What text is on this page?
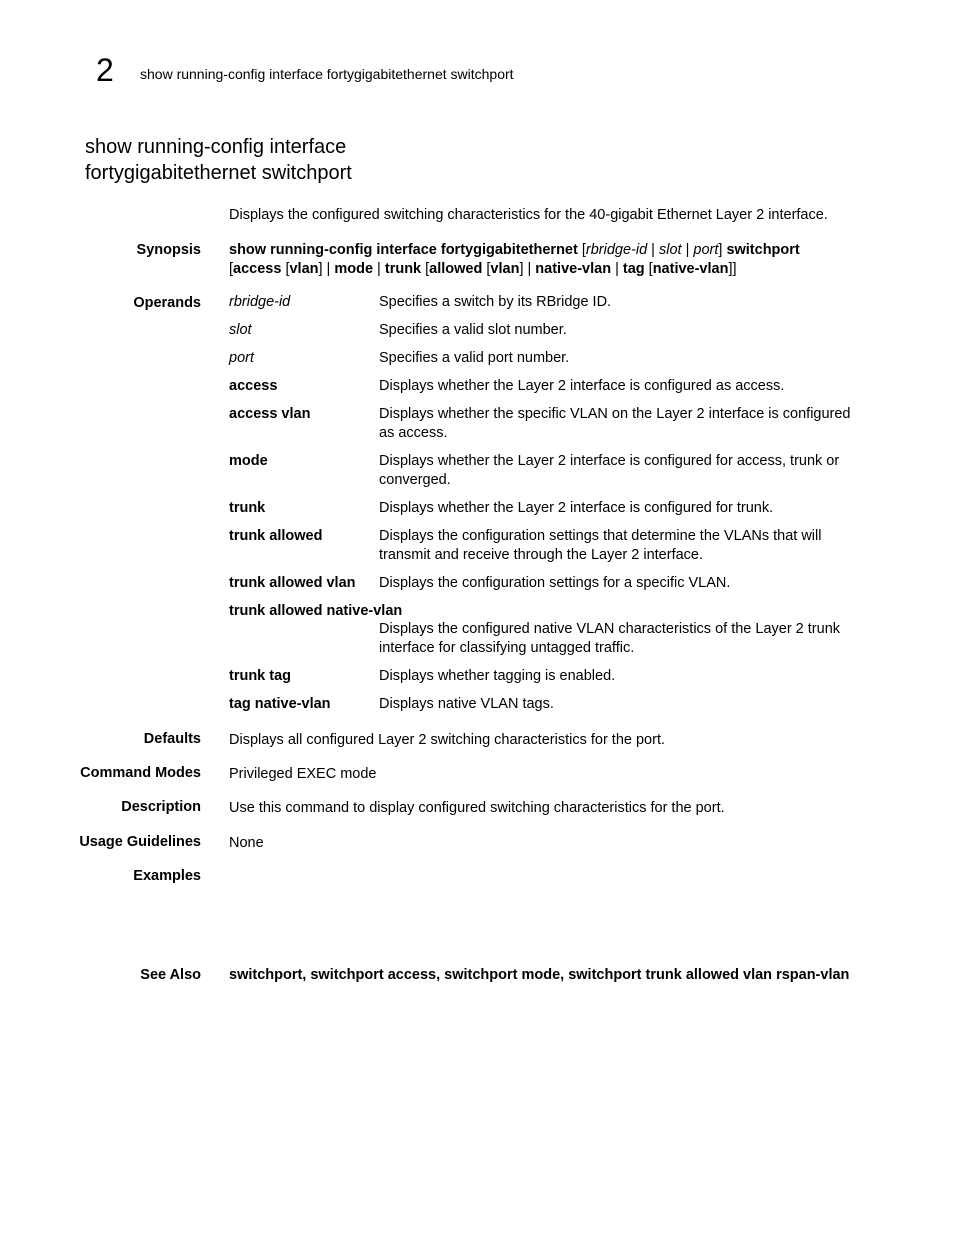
2 show running-config interface fortygigabitethernet switchport
show running-config interface fortygigabitethernet switchport
Displays the configured switching characteristics for the 40-gigabit Ethernet Layer 2 interface.
Synopsis show running-config interface fortygigabitethernet [rbridge-id | slot | port] switchport
[access [vlan] | mode | trunk [allowed [vlan] | native-vlan | tag [native-vlan]]
Operands rbridge-id	Specifies a switch by its RBridge ID.
slot	Specifies a valid slot number.
port	Specifies a valid port number.
access	Displays whether the Layer 2 interface is configured as access.
access vlan	Displays whether the specific VLAN on the Layer 2 interface is configured as access.
mode	Displays whether the Layer 2 interface is configured for access, trunk or converged.
trunk	Displays whether the Layer 2 interface is configured for trunk.
trunk allowed	Displays the configuration settings that determine the VLANs that will transmit and receive through the Layer 2 interface.
trunk allowed vlan	Displays the configuration settings for a specific VLAN.
trunk allowed native-vlan
Displays the configured native VLAN characteristics of the Layer 2 trunk interface for classifying untagged traffic.
trunk tag	Displays whether tagging is enabled.
tag native-vlan	Displays native VLAN tags.
Defaults Displays all configured Layer 2 switching characteristics for the port.
Command Modes Privileged EXEC mode
Description Use this command to display configured switching characteristics for the port.
Usage Guidelines None
Examples
See Also switchport, switchport access, switchport mode, switchport trunk allowed vlan rspan-vlan
